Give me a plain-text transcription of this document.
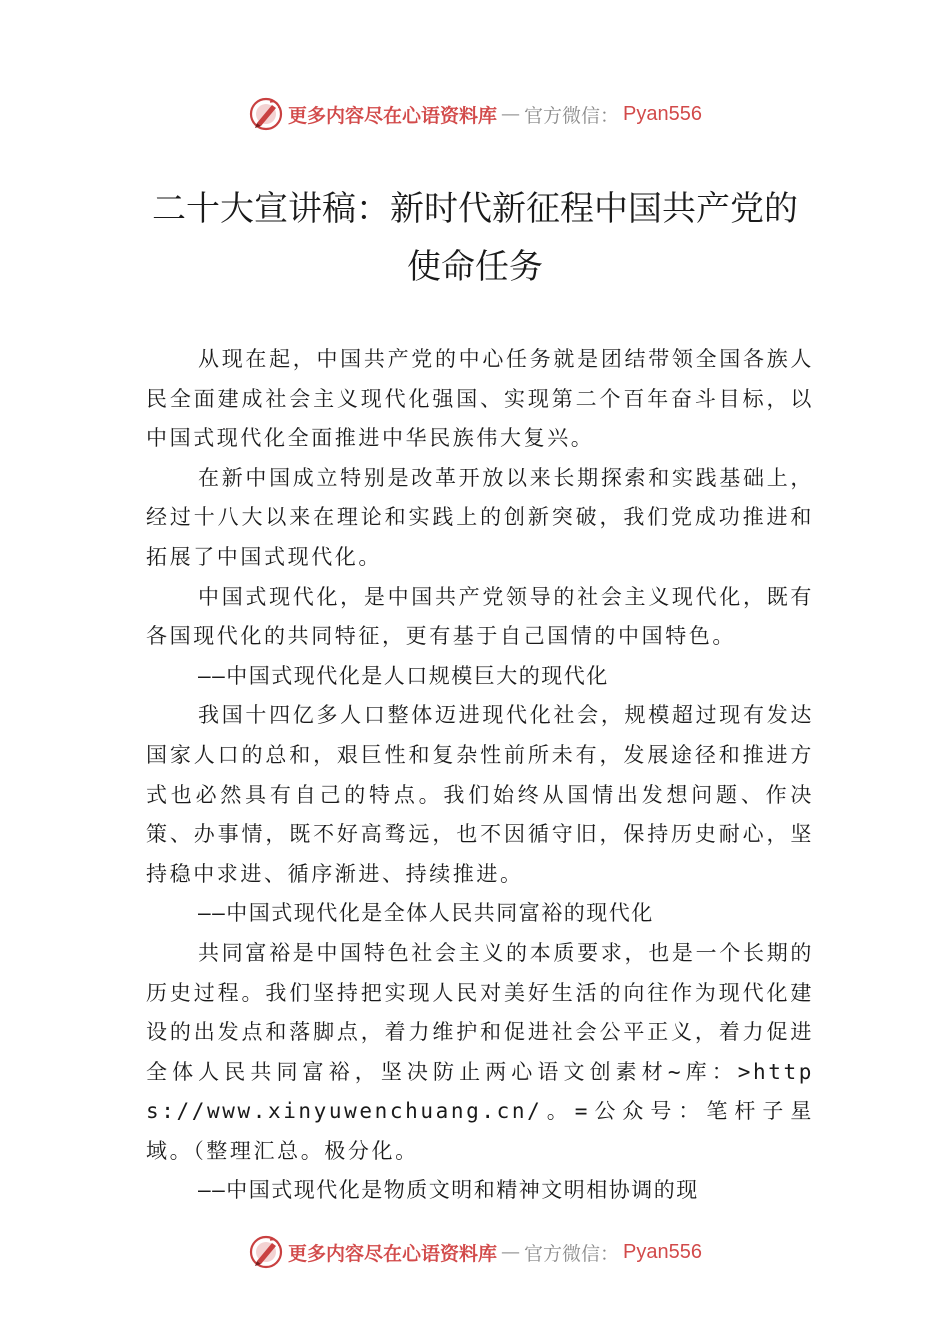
更多内容尽在心语资料库 — 官方微信： Pyan556
二十大宣讲稿：新时代新征程中国共产党的使命任务

从现在起，中国共产党的中心任务就是团结带领全国各族人民全面建成社会主义现代化强国、实现第二个百年奋斗目标，以中国式现代化全面推进中华民族伟大复兴。

在新中国成立特别是改革开放以来长期探索和实践基础上，经过十八大以来在理论和实践上的创新突破，我们党成功推进和拓展了中国式现代化。

中国式现代化，是中国共产党领导的社会主义现代化，既有各国现代化的共同特征，更有基于自己国情的中国特色。

——中国式现代化是人口规模巨大的现代化

我国十四亿多人口整体迈进现代化社会，规模超过现有发达国家人口的总和，艰巨性和复杂性前所未有，发展途径和推进方式也必然具有自己的特点。我们始终从国情出发想问题、作决策、办事情，既不好高骛远，也不因循守旧，保持历史耐心，坚持稳中求进、循序渐进、持续推进。

——中国式现代化是全体人民共同富裕的现代化

共同富裕是中国特色社会主义的本质要求，也是一个长期的历史过程。我们坚持把实现人民对美好生活的向往作为现代化建设的出发点和落脚点，着力维护和促进社会公平正义，着力促进全体人民共同富裕，坚决防止两心语文创素材~库：>https://www.xinyuwenchuang.cn/。=公众号：笔杆子星域。（整理汇总。极分化。

——中国式现代化是物质文明和精神文明相协调的现

更多内容尽在心语资料库 — 官方微信： Pyan556
